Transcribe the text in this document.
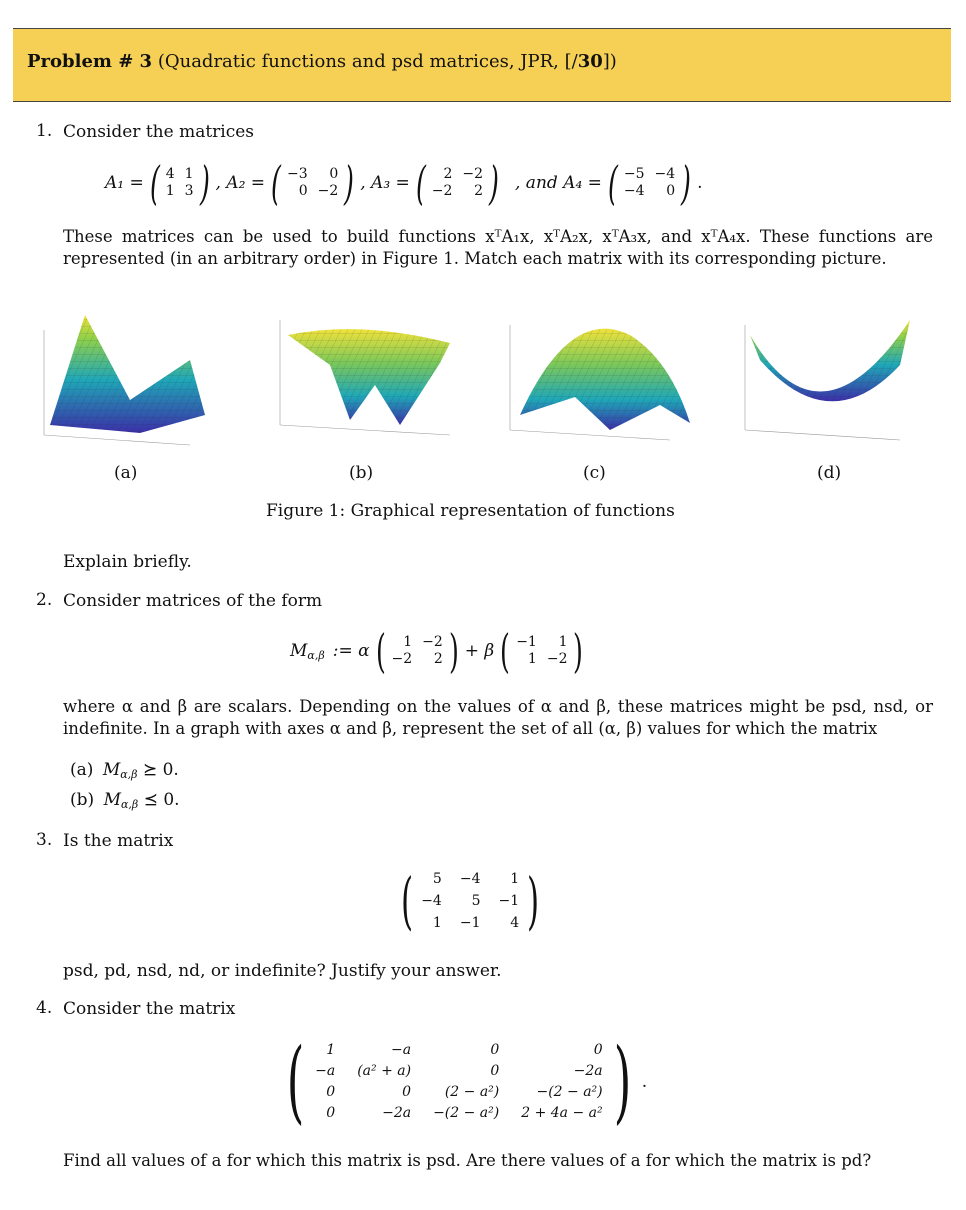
Problem # 3 (Quadratic functions and psd matrices, JPR, [/30])
1. Consider the matrices
A₁ = ( 4 1
1 3 ) , A₂ = ( −3	0
0 −2 ) , A₃ = (	2 −2
−2	2 ) , and A₄ = ( −5 −4
−4	0 ) .
These matrices can be used to build functions xᵀA₁x, xᵀA₂x, xᵀA₃x, and xᵀA₄x. These functions are represented (in an arbitrary order) in Figure 1. Match each matrix with its corresponding picture.
(a)	(b)	(c)	(d)
Figure 1: Graphical representation of functions
Explain briefly.
2. Consider matrices of the form
$M_{\alpha,\beta}$ := α (	1 −2
−2	2 ) + β ( −1	1
1 −2 )
where α and β are scalars. Depending on the values of α and β, these matrices might be psd, nsd, or indefinite. In a graph with axes α and β, represent the set of all (α, β) values for which the matrix
(a) $M_{\alpha,\beta}$ ⪰ 0.
(b) $M_{\alpha,\beta}$ ⪯ 0.
3. Is the matrix
(	5 −4	1
−4	5 −1
1 −1	4 )
psd, pd, nsd, nd, or indefinite? Justify your answer.
4. Consider the matrix
(	1	−a	0	0
−a (a² + a)	0	−2a
0	0	(2 − a²)	−(2 − a²)
0	−2a −(2 − a²) 2 + 4a − a² ) .
Find all values of a for which this matrix is psd. Are there values of a for which the matrix is pd?
